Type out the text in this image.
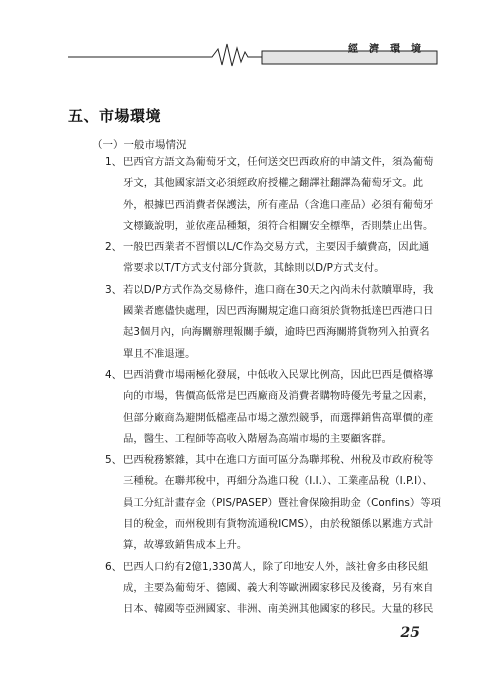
經濟環境
五、市場環境
（一）一般市場情況
1、 巴西官方語文為葡萄牙文，任何送交巴西政府的申請文件，須為葡萄
牙文，其他國家語文必須經政府授權之翻譯社翻譯為葡萄牙文。此
外，根據巴西消費者保護法，所有產品（含進口產品）必須有葡萄牙
文標籤說明，並依產品種類，須符合相關安全標準，否則禁止出售。
2、 一般巴西業者不習慣以L/C作為交易方式，主要因手續費高，因此通
常要求以T/T方式支付部分貨款，其餘則以D/P方式支付。
3、 若以D/P方式作為交易條件，進口商在30天之內尚未付款贖單時，我
國業者應儘快處理，因巴西海關規定進口商須於貨物抵達巴西港口日
起3個月內，向海關辦理報關手續，逾時巴西海關將貨物列入拍賣名
單且不准退運。
4、 巴西消費市場兩極化發展，中低收入民眾比例高，因此巴西是價格導
向的市場，售價高低常是巴西廠商及消費者購物時優先考量之因素，
但部分廠商為避開低檔產品市場之激烈競爭，而選擇銷售高單價的產
品，醫生、工程師等高收入階層為高端市場的主要顧客群。
5、 巴西稅務繁雜，其中在進口方面可區分為聯邦稅、州稅及市政府稅等
三種稅。在聯邦稅中，再細分為進口稅（I.I.）、工業產品稅（I.P.I）、
員工分紅計畫存金（PIS/PASEP）暨社會保險捐助金（Confins）等項
目的稅金，而州稅則有貨物流通稅ICMS），由於稅額係以累進方式計
算，故導致銷售成本上升。
6、 巴西人口約有2億1,330萬人，除了印地安人外，該社會多由移民組
成，主要為葡萄牙、德國、義大利等歐洲國家移民及後裔，另有來自
日本、韓國等亞洲國家、非洲、南美洲其他國家的移民。大量的移民
25
